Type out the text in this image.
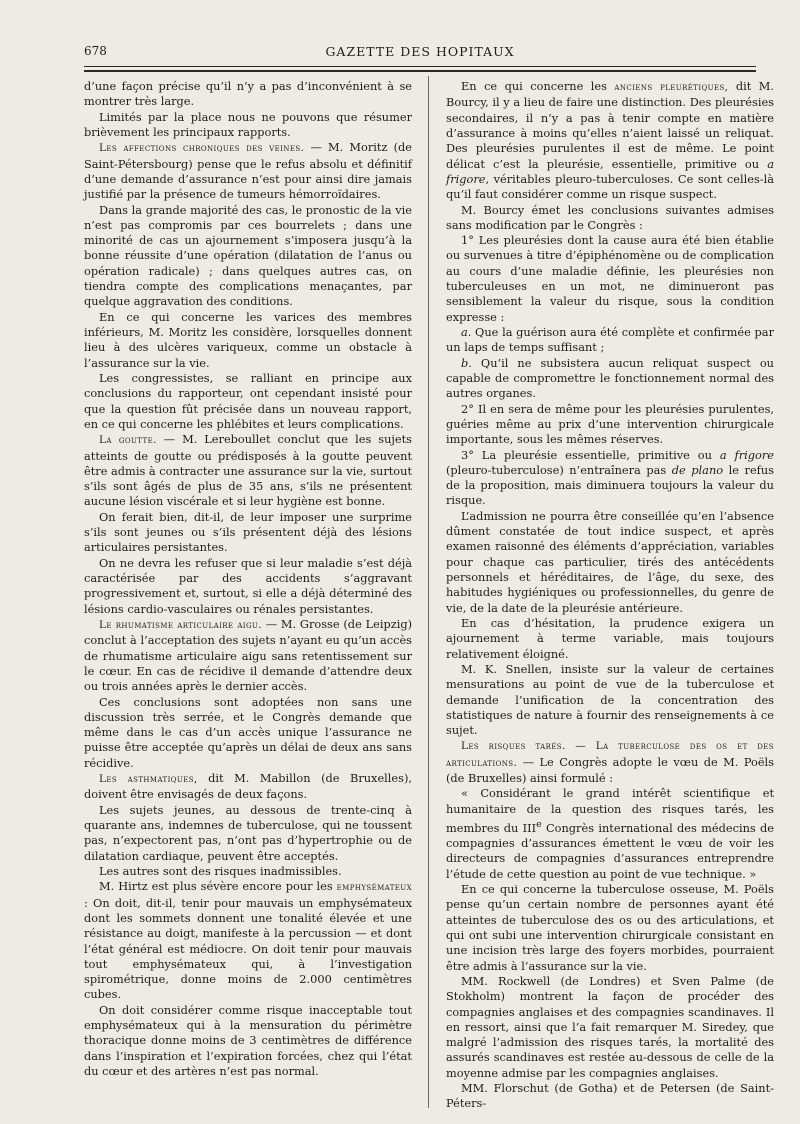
678	GAZETTE DES HOPITAUX

d’une façon précise qu’il n’y a pas d’inconvénient à se montrer très large.

Limités par la place nous ne pouvons que résumer brièvement les principaux rapports.

Les affections chroniques des veines. — M. Moritz (de Saint-Pétersbourg) pense que le refus absolu et définitif d’une demande d’assurance n’est pour ainsi dire jamais justifié par la présence de tumeurs hémorroïdaires.

Dans la grande majorité des cas, le pronostic de la vie n’est pas compromis par ces bourrelets ; dans une minorité de cas un ajournement s’imposera jusqu’à la bonne réussite d’une opération (dilatation de l’anus ou opération radicale) ; dans quelques autres cas, on tiendra compte des complications menaçantes, par quelque aggravation des conditions.

En ce qui concerne les varices des membres inférieurs, M. Moritz les considère, lorsquelles donnent lieu à des ulcères variqueux, comme un obstacle à l’assurance sur la vie.

Les congressistes, se ralliant en principe aux conclusions du rapporteur, ont cependant insisté pour que la question fût précisée dans un nouveau rapport, en ce qui concerne les phlébites et leurs complications.

La goutte. — M. Lereboullet conclut que les sujets atteints de goutte ou prédisposés à la goutte peuvent être admis à contracter une assurance sur la vie, surtout s’ils sont âgés de plus de 35 ans, s’ils ne présentent aucune lésion viscérale et si leur hygiène est bonne.

On ferait bien, dit-il, de leur imposer une surprime s’ils sont jeunes ou s’ils présentent déjà des lésions articulaires persistantes.

On ne devra les refuser que si leur maladie s’est déjà caractérisée par des accidents s’aggravant progressivement et, surtout, si elle a déjà déterminé des lésions cardio-vasculaires ou rénales persistantes.

Le rhumatisme articulaire aigu. — M. Grosse (de Leipzig) conclut à l’acceptation des sujets n’ayant eu qu’un accès de rhumatisme articulaire aigu sans retentissement sur le cœur. En cas de récidive il demande d’attendre deux ou trois années après le dernier accès.

Ces conclusions sont adoptées non sans une discussion très serrée, et le Congrès demande que même dans le cas d’un accès unique l’assurance ne puisse être acceptée qu’après un délai de deux ans sans récidive.

Les asthmatiques, dit M. Mabillon (de Bruxelles), doivent être envisagés de deux façons.

Les sujets jeunes, au dessous de trente-cinq à quarante ans, indemnes de tuberculose, qui ne toussent pas, n’expectorent pas, n’ont pas d’hypertrophie ou de dilatation cardiaque, peuvent être acceptés.

Les autres sont des risques inadmissibles.

M. Hirtz est plus sévère encore pour les emphysémateux : On doit, dit-il, tenir pour mauvais un emphysémateux dont les sommets donnent une tonalité élevée et une résistance au doigt, manifeste à la percussion — et dont l’état général est médiocre. On doit tenir pour mauvais tout emphysémateux qui, à l’investigation spirométrique, donne moins de 2.000 centimètres cubes.

On doit considérer comme risque inacceptable tout emphysémateux qui à la mensuration du périmètre thoracique donne moins de 3 centimètres de différence dans l’inspiration et l’expiration forcées, chez qui l’état du cœur et des artères n’est pas normal.

En ce qui concerne les anciens pleurétiques, dit M. Bourcy, il y a lieu de faire une distinction. Des pleurésies secondaires, il n’y a pas à tenir compte en matière d’assurance à moins qu’elles n’aient laissé un reliquat. Des pleurésies purulentes il est de même. Le point délicat c’est la pleurésie, essentielle, primitive ou a frigore, véritables pleuro-tuberculoses. Ce sont celles-là qu’il faut considérer comme un risque suspect.

M. Bourcy émet les conclusions suivantes admises sans modification par le Congrès :

1° Les pleurésies dont la cause aura été bien établie ou survenues à titre d’épiphénomène ou de complication au cours d’une maladie définie, les pleurésies non tuberculeuses en un mot, ne diminueront pas sensiblement la valeur du risque, sous la condition expresse :

a. Que la guérison aura été complète et confirmée par un laps de temps suffisant ;

b. Qu’il ne subsistera aucun reliquat suspect ou capable de compromettre le fonctionnement normal des autres organes.

2° Il en sera de même pour les pleurésies purulentes, guéries même au prix d’une intervention chirurgicale importante, sous les mêmes réserves.

3° La pleurésie essentielle, primitive ou a frigore (pleuro-tuberculose) n’entraînera pas de plano le refus de la proposition, mais diminuera toujours la valeur du risque.

L’admission ne pourra être conseillée qu’en l’absence dûment constatée de tout indice suspect, et après examen raisonné des éléments d’appréciation, variables pour chaque cas particulier, tirés des antécédents personnels et héréditaires, de l’âge, du sexe, des habitudes hygiéniques ou professionnelles, du genre de vie, de la date de la pleurésie antérieure.

En cas d’hésitation, la prudence exigera un ajournement à terme variable, mais toujours relativement éloigné.

M. K. Snellen, insiste sur la valeur de certaines mensurations au point de vue de la tuberculose et demande l’unification de la concentration des statistiques de nature à fournir des renseignements à ce sujet.

Les risques tarés. — La tuberculose des os et des articulations. — Le Congrès adopte le vœu de M. Poëls (de Bruxelles) ainsi formulé :

« Considérant le grand intérêt scientifique et humanitaire de la question des risques tarés, les membres du IIIe Congrès international des médecins de compagnies d’assurances émettent le vœu de voir les directeurs de compagnies d’assurances entreprendre l’étude de cette question au point de vue technique. »

En ce qui concerne la tuberculose osseuse, M. Poëls pense qu’un certain nombre de personnes ayant été atteintes de tuberculose des os ou des articulations, et qui ont subi une intervention chirurgicale consistant en une incision très large des foyers morbides, pourraient être admis à l’assurance sur la vie.

MM. Rockwell (de Londres) et Sven Palme (de Stokholm) montrent la façon de procéder des compagnies anglaises et des compagnies scandinaves. Il en ressort, ainsi que l’a fait remarquer M. Siredey, que malgré l’admission des risques tarés, la mortalité des assurés scandinaves est restée au-dessous de celle de la moyenne admise par les compagnies anglaises.

MM. Florschut (de Gotha) et de Petersen (de Saint-Péters-
